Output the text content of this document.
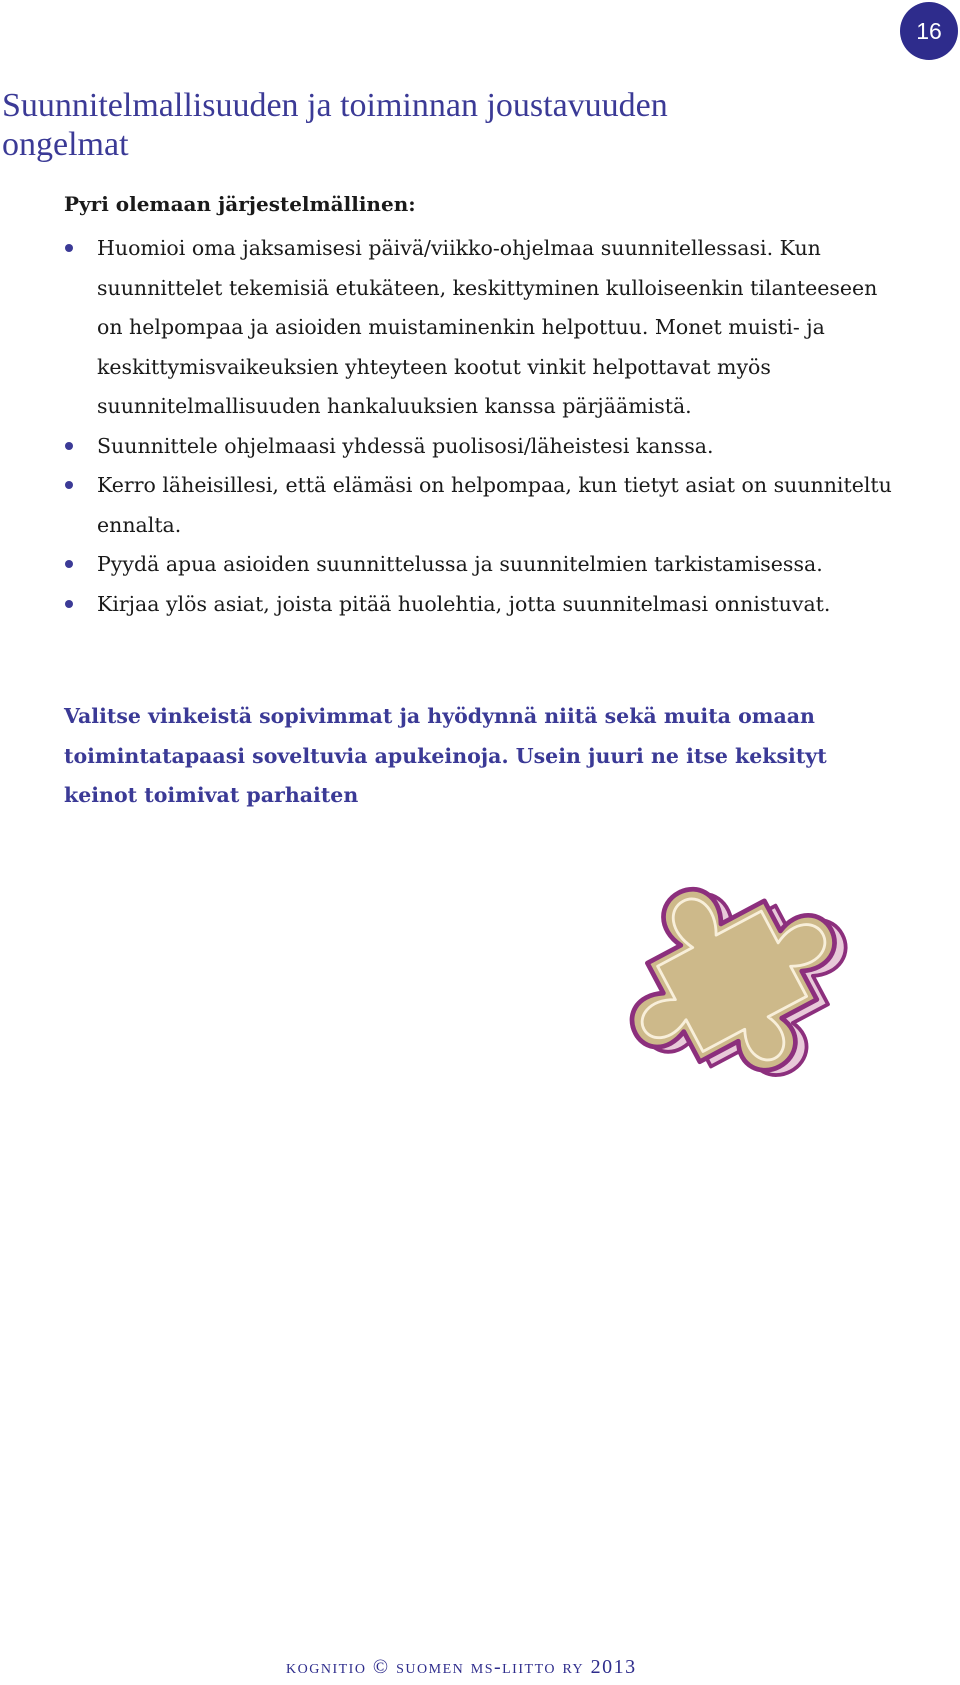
16
Suunnitelmallisuuden ja toiminnan joustavuuden ongelmat

Pyri olemaan järjestelmällinen:

Huomioi oma jaksamisesi päivä/viikko-ohjelmaa suunnitellessasi. Kun suunnittelet tekemisiä etukäteen, keskittyminen kulloiseenkin tilanteeseen on helpompaa ja asioiden muistaminenkin helpottuu. Monet muisti- ja keskittymisvaikeuksien yhteyteen kootut vinkit helpottavat myös suunnitelmallisuuden hankaluuksien kanssa pärjäämistä.
Suunnittele ohjelmaasi yhdessä puolisosi/läheistesi kanssa.
Kerro läheisillesi, että elämäsi on helpompaa, kun tietyt asiat on suunniteltu ennalta.
Pyydä apua asioiden suunnittelussa ja suunnitelmien tarkistamisessa.
Kirjaa ylös asiat, joista pitää huolehtia, jotta suunnitelmasi onnistuvat.

Valitse vinkeistä sopivimmat ja hyödynnä niitä sekä muita omaan toimintatapaasi soveltuvia apukeinoja. Usein juuri ne itse keksityt keinot toimivat parhaiten

kognitio © suomen ms-liitto ry 2013
